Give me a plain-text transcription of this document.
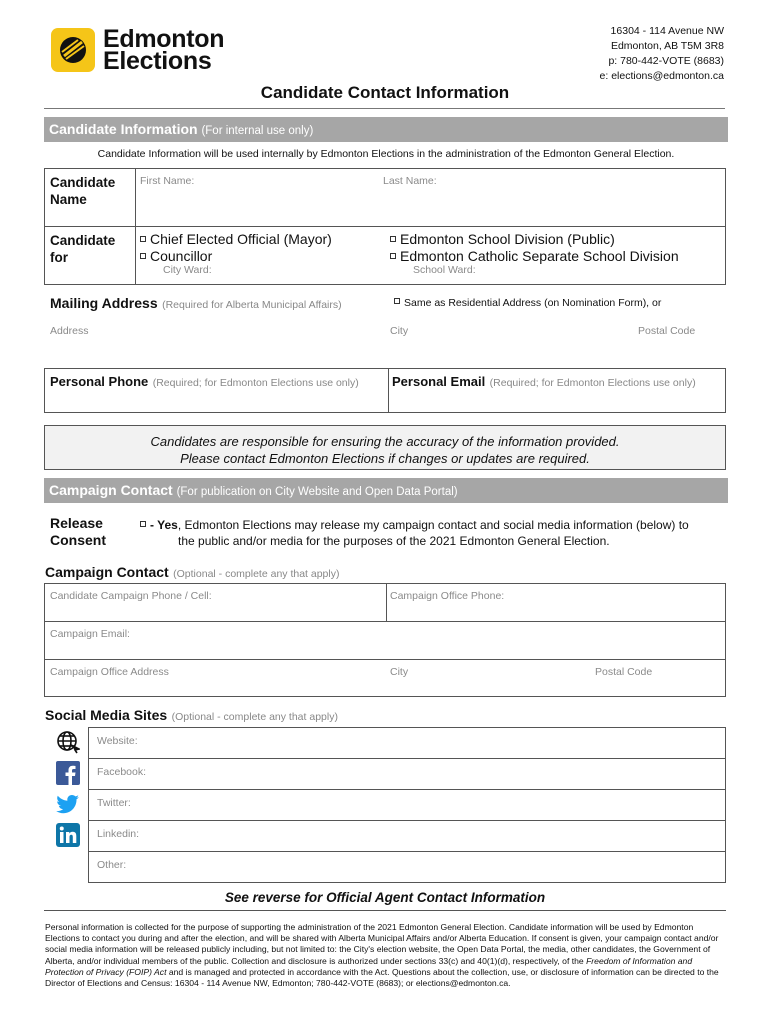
Edmonton
Elections
16304 - 114 Avenue NW
Edmonton, AB T5M 3R8
p: 780-442-VOTE (8683)
e: elections@edmonton.ca
Candidate Contact Information
Candidate Information (For internal use only)
Candidate Information will be used internally by Edmonton Elections in the administration of the Edmonton General Election.
Candidate
Name
First Name:	Last Name:
Candidate
for
Chief Elected Official (Mayor)
Councillor
City Ward:
Edmonton School Division (Public)
Edmonton Catholic Separate School Division
School Ward:
Mailing Address (Required for Alberta Municipal Affairs)	Same as Residential Address (on Nomination Form), or
Address	City	Postal Code
Personal Phone (Required; for Edmonton Elections use only)	Personal Email (Required; for Edmonton Elections use only)
Candidates are responsible for ensuring the accuracy of the information provided.
Please contact Edmonton Elections if changes or updates are required.
Campaign Contact (For publication on City Website and Open Data Portal)
Release
Consent
- Yes, Edmonton Elections may release my campaign contact and social media information (below) to
the public and/or media for the purposes of the 2021 Edmonton General Election.
Campaign Contact (Optional - complete any that apply)
Candidate Campaign Phone / Cell:	Campaign Office Phone:
Campaign Email:
Campaign Office Address	City	Postal Code
Social Media Sites (Optional - complete any that apply)
Website:
Facebook:
Twitter:
Linkedin:
Other:
See reverse for Official Agent Contact Information
Personal information is collected for the purpose of supporting the administration of the 2021 Edmonton General Election. Candidate information will be used by Edmonton Elections to contact you during and after the election, and will be shared with Alberta Municipal Affairs and/or Alberta Education. If consent is given, your campaign contact and/or social media information will be released publicly including, but not limited to: the City's election website, the Open Data Portal, the media, other candidates, the Government of Alberta, and/or individual members of the public. Collection and disclosure is authorized under sections 33(c) and 40(1)(d), respectively, of the Freedom of Information and Protection of Privacy (FOIP) Act and is managed and protected in accordance with the Act. Questions about the collection, use, or disclosure of information can be directed to the Director of Elections and Census: 16304 - 114 Avenue NW, Edmonton; 780-442-VOTE (8683); or elections@edmonton.ca.
